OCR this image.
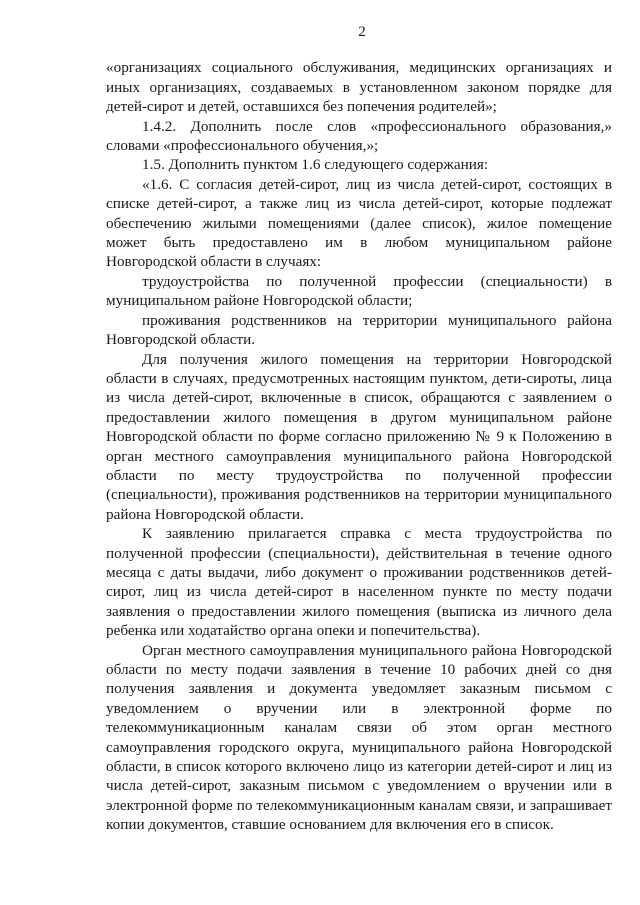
2

«организациях социального обслуживания, медицинских организациях и иных организациях, создаваемых в установленном законом порядке для детей-сирот и детей, оставшихся без попечения родителей»;

1.4.2. Дополнить после слов «профессионального образования,» словами «профессионального обучения,»;

1.5. Дополнить пунктом 1.6 следующего содержания:

«1.6. С согласия детей-сирот, лиц из числа детей-сирот, состоящих в списке детей-сирот, а также лиц из числа детей-сирот, которые подлежат обеспечению жилыми помещениями (далее список), жилое помещение может быть предоставлено им в любом муниципальном районе Новгородской области в случаях:

трудоустройства по полученной профессии (специальности) в муниципальном районе Новгородской области;

проживания родственников на территории муниципального района Новгородской области.

Для получения жилого помещения на территории Новгородской области в случаях, предусмотренных настоящим пунктом, дети-сироты, лица из числа детей-сирот, включенные в список, обращаются с заявлением о предоставлении жилого помещения в другом муниципальном районе Новгородской области по форме согласно приложению № 9 к Положению в орган местного самоуправления муниципального района Новгородской области по месту трудоустройства по полученной профессии (специальности), проживания родственников на территории муниципального района Новгородской области.

К заявлению прилагается справка с места трудоустройства по полученной профессии (специальности), действительная в течение одного месяца с даты выдачи, либо документ о проживании родственников детей-сирот, лиц из числа детей-сирот в населенном пункте по месту подачи заявления о предоставлении жилого помещения (выписка из личного дела ребенка или ходатайство органа опеки и попечительства).

Орган местного самоуправления муниципального района Новгородской области по месту подачи заявления в течение 10 рабочих дней со дня получения заявления и документа уведомляет заказным письмом с уведомлением о вручении или в электронной форме по телекоммуникационным каналам связи об этом орган местного самоуправления городского округа, муниципального района Новгородской области, в список которого включено лицо из категории детей-сирот и лиц из числа детей-сирот, заказным письмом с уведомлением о вручении или в электронной форме по телекоммуникационным каналам связи, и запрашивает копии документов, ставшие основанием для включения его в список.
